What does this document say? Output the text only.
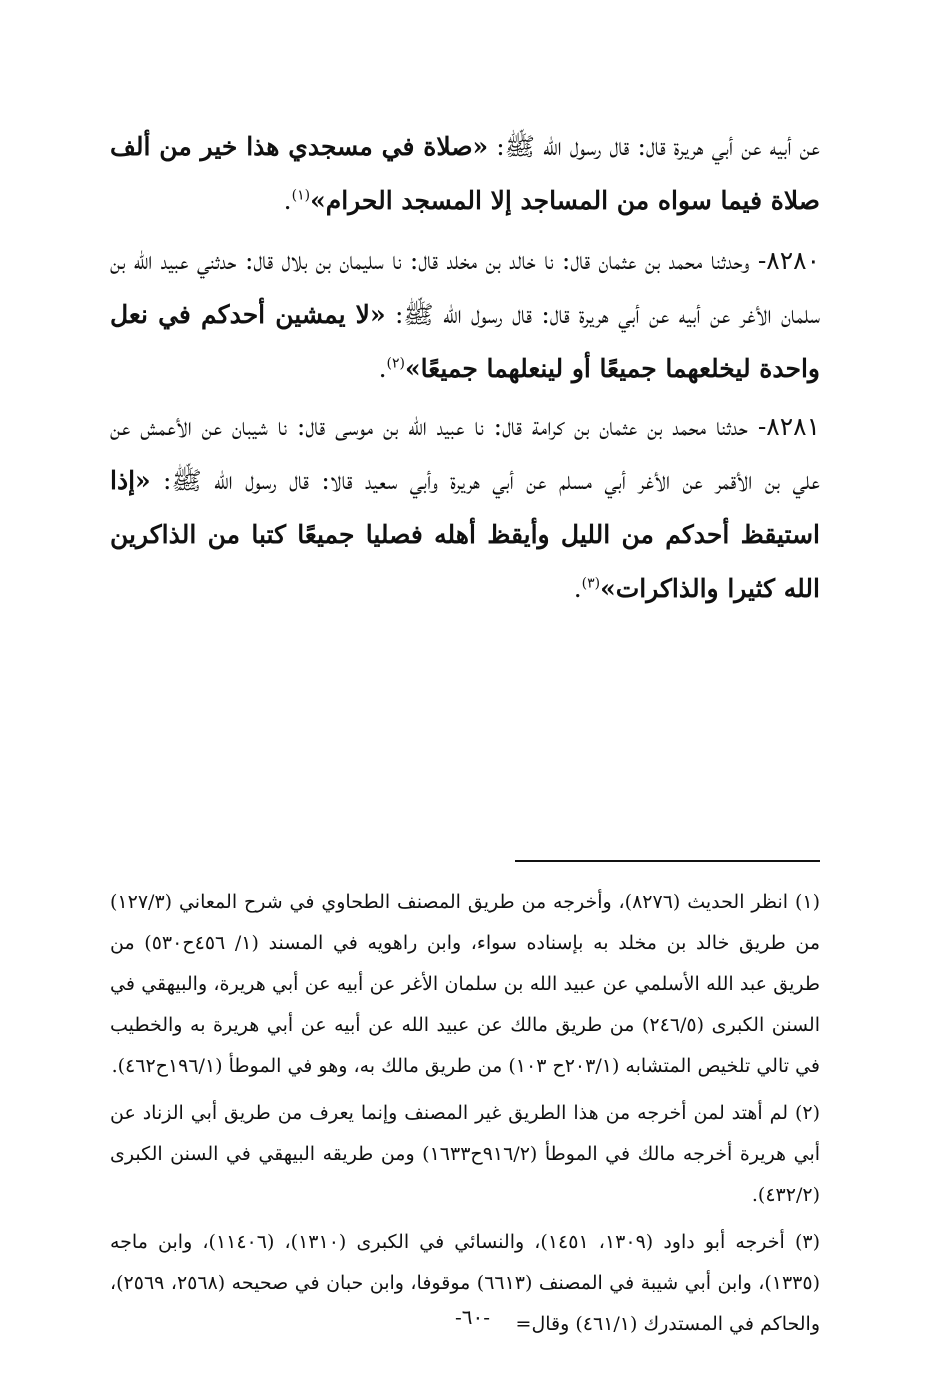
عن أبيه عن أبي هريرة قال: قال رسول الله ﷺ: «صلاة في مسجدي هذا خير من ألف صلاة فيما سواه من المساجد إلا المسجد الحرام»$^{(١)}$.

٨٢٨٠- وحدثنا محمد بن عثمان قال: نا خالد بن مخلد قال: نا سليمان بن بلال قال: حدثني عبيد الله بن سلمان الأغر عن أبيه عن أبي هريرة قال: قال رسول الله ﷺ: «لا يمشين أحدكم في نعل واحدة ليخلعهما جميعًا أو لينعلهما جميعًا»$^{(٢)}$.

٨٢٨١- حدثنا محمد بن عثمان بن كرامة قال: نا عبيد الله بن موسى قال: نا شيبان عن الأعمش عن علي بن الأقمر عن الأغر أبي مسلم عن أبي هريرة وأبي سعيد قالا: قال رسول الله ﷺ: «إذا استيقظ أحدكم من الليل وأيقظ أهله فصليا جميعًا كتبا من الذاكرين الله كثيرا والذاكرات»$^{(٣)}$.

(١) انظر الحديث (٨٢٧٦)، وأخرجه من طريق المصنف الطحاوي في شرح المعاني (١٢٧/٣) من طريق خالد بن مخلد به بإسناده سواء، وابن راهويه في المسند (١/ ٤٥٦ح٥٣٠) من طريق عبد الله الأسلمي عن عبيد الله بن سلمان الأغر عن أبيه عن أبي هريرة، والبيهقي في السنن الكبرى (٢٤٦/٥) من طريق مالك عن عبيد الله عن أبيه عن أبي هريرة به والخطيب في تالي تلخيص المتشابه (٢٠٣/١ح ١٠٣) من طريق مالك به، وهو في الموطأ (١٩٦/١ح٤٦٢).

(٢) لم أهتد لمن أخرجه من هذا الطريق غير المصنف وإنما يعرف من طريق أبي الزناد عن أبي هريرة أخرجه مالك في الموطأ (٩١٦/٢ح١٦٣٣) ومن طريقه البيهقي في السنن الكبرى (٤٣٢/٢).

(٣) أخرجه أبو داود (١٣٠٩، ١٤٥١)، والنسائي في الكبرى (١٣١٠)، (١١٤٠٦)، وابن ماجه (١٣٣٥)، وابن أبي شيبة في المصنف (٦٦١٣) موقوفا، وابن حبان في صحيحه (٢٥٦٨، ٢٥٦٩)، والحاكم في المستدرك (٤٦١/١) وقال=

-٦٠-
